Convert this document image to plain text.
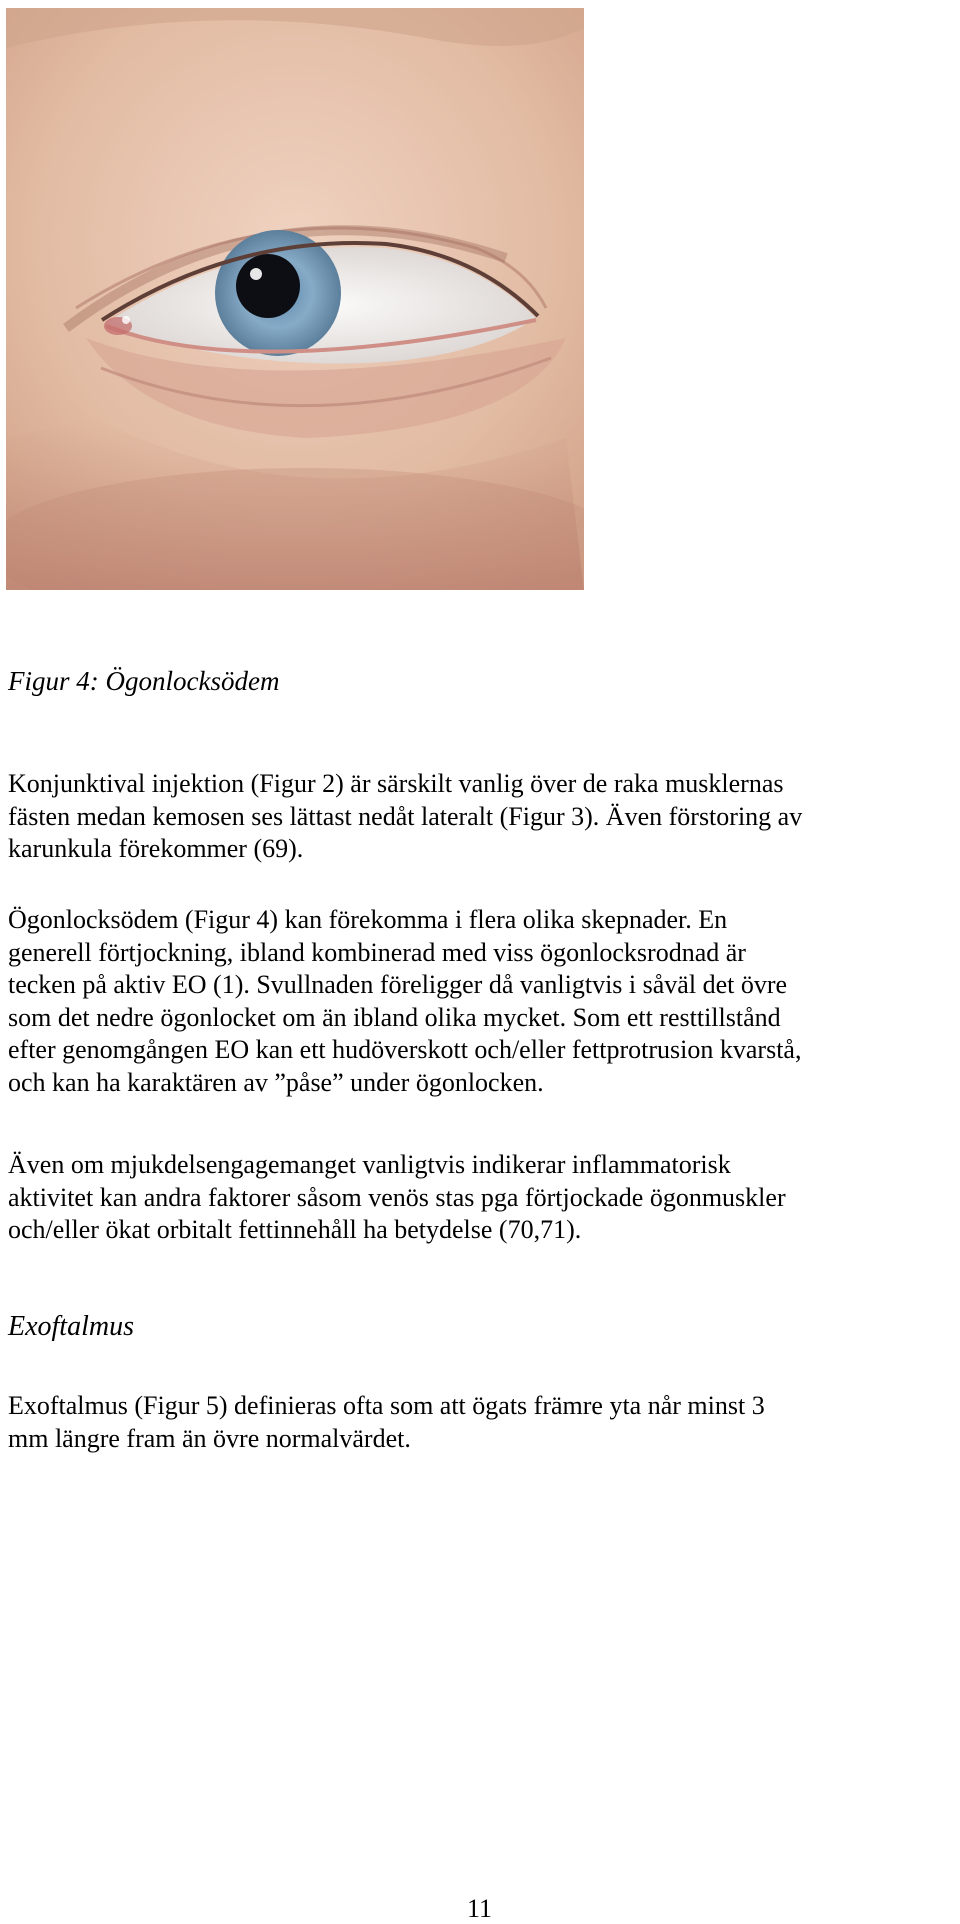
Figur 4: Ögonlocksödem

Konjunktival injektion (Figur 2) är särskilt vanlig över de raka musklernas
fästen medan kemosen ses lättast nedåt lateralt (Figur 3). Även förstoring av
karunkula förekommer (69).

Ögonlocksödem (Figur 4) kan förekomma i flera olika skepnader. En
generell förtjockning, ibland kombinerad med viss ögonlocksrodnad är
tecken på aktiv EO (1). Svullnaden föreligger då vanligtvis i såväl det övre
som det nedre ögonlocket om än ibland olika mycket. Som ett resttillstånd
efter genomgången EO kan ett hudöverskott och/eller fettprotrusion kvarstå,
och kan ha karaktären av ”påse” under ögonlocken.

Även om mjukdelsengagemanget vanligtvis indikerar inflammatorisk
aktivitet kan andra faktorer såsom venös stas pga förtjockade ögonmuskler
och/eller ökat orbitalt fettinnehåll ha betydelse (70,71).

Exoftalmus

Exoftalmus (Figur 5) definieras ofta som att ögats främre yta når minst 3
mm längre fram än övre normalvärdet.

11
